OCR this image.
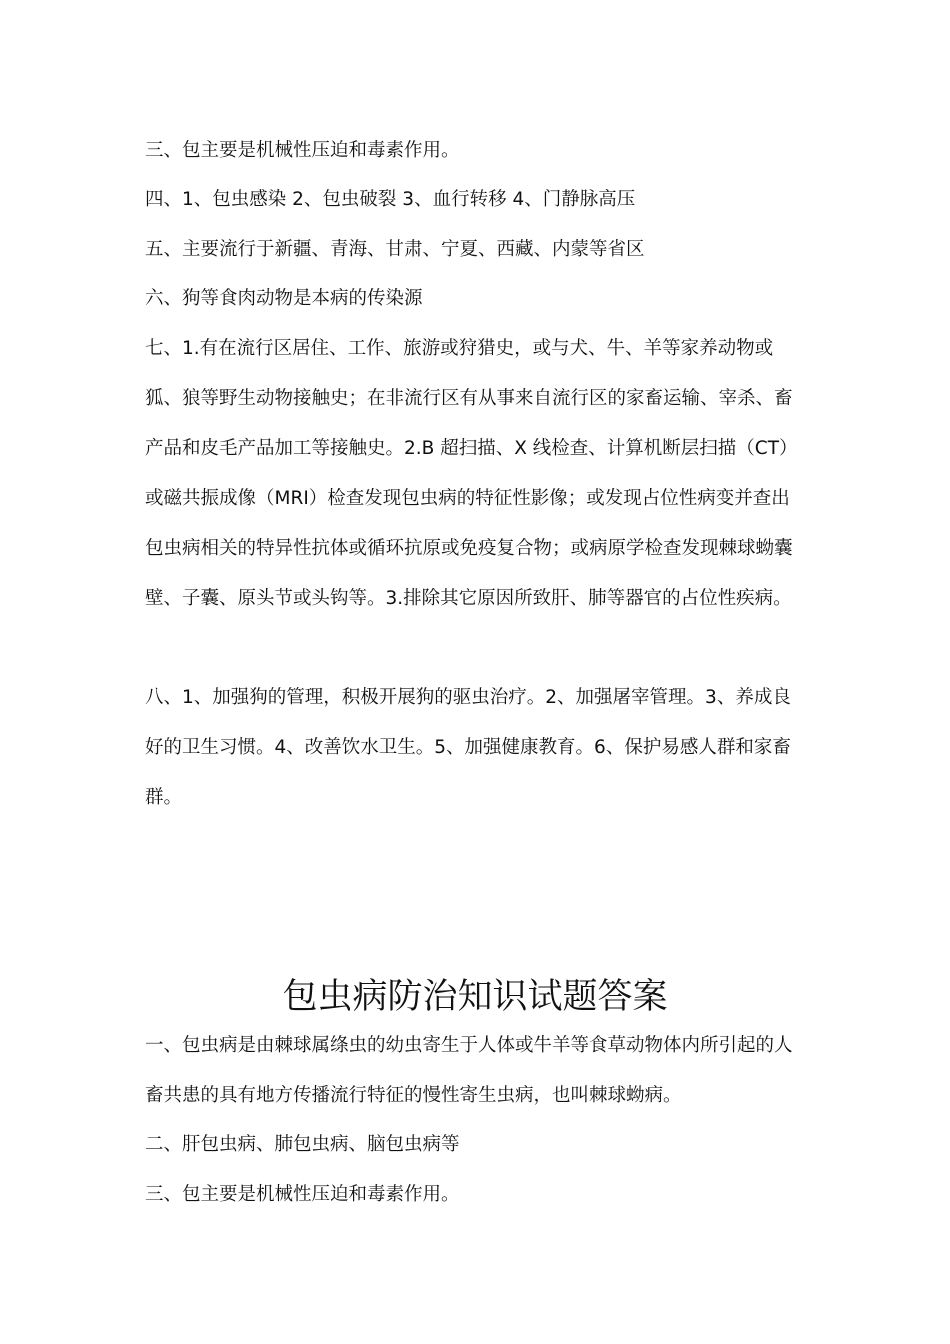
三、包主要是机械性压迫和毒素作用。

四、1、包虫感染 2、包虫破裂 3、血行转移 4、门静脉高压

五、主要流行于新疆、青海、甘肃、宁夏、西藏、内蒙等省区

六、狗等食肉动物是本病的传染源

七、1.有在流行区居住、工作、旅游或狩猎史，或与犬、牛、羊等家养动物或狐、狼等野生动物接触史；在非流行区有从事来自流行区的家畜运输、宰杀、畜产品和皮毛产品加工等接触史。2.B 超扫描、X 线检查、计算机断层扫描（CT）或磁共振成像（MRI）检查发现包虫病的特征性影像；或发现占位性病变并查出包虫病相关的特异性抗体或循环抗原或免疫复合物；或病原学检查发现棘球蚴囊壁、子囊、原头节或头钩等。3.排除其它原因所致肝、肺等器官的占位性疾病。

八、1、加强狗的管理，积极开展狗的驱虫治疗。2、加强屠宰管理。3、养成良好的卫生习惯。4、改善饮水卫生。5、加强健康教育。6、保护易感人群和家畜群。

包虫病防治知识试题答案

一、包虫病是由棘球属绦虫的幼虫寄生于人体或牛羊等食草动物体内所引起的人畜共患的具有地方传播流行特征的慢性寄生虫病，也叫棘球蚴病。

二、肝包虫病、肺包虫病、脑包虫病等

三、包主要是机械性压迫和毒素作用。
